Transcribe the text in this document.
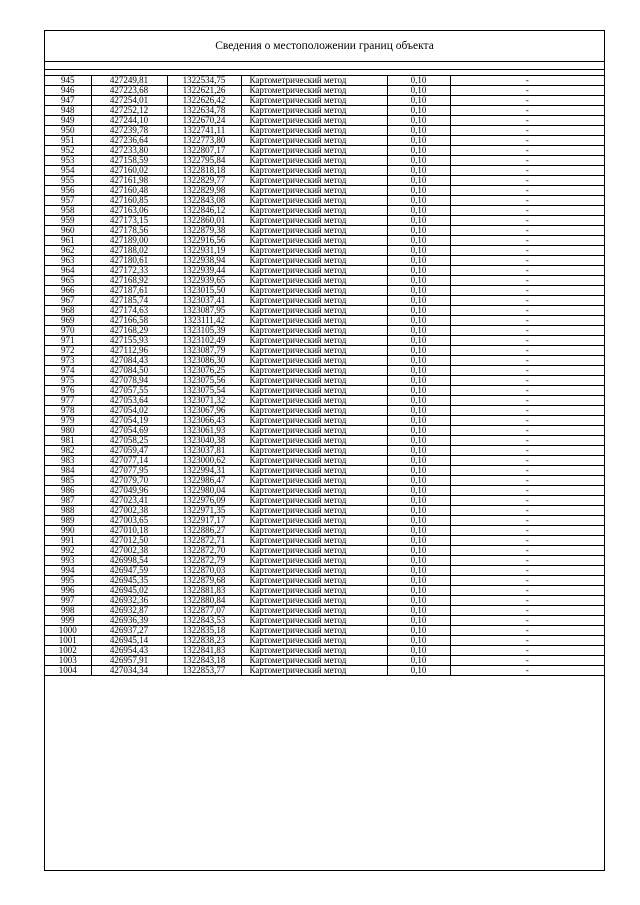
Сведения о местоположении границ объекта
945	427249,81	1322534,75	Картометрический метод	0,10	-
946	427223,68	1322621,26	Картометрический метод	0,10	-
947	427254,01	1322626,42	Картометрический метод	0,10	-
948	427252,12	1322634,78	Картометрический метод	0,10	-
949	427244,10	1322670,24	Картометрический метод	0,10	-
950	427239,78	1322741,11	Картометрический метод	0,10	-
951	427236,64	1322773,80	Картометрический метод	0,10	-
952	427233,80	1322807,17	Картометрический метод	0,10	-
953	427158,59	1322795,84	Картометрический метод	0,10	-
954	427160,02	1322818,18	Картометрический метод	0,10	-
955	427161,98	1322829,77	Картометрический метод	0,10	-
956	427160,48	1322829,98	Картометрический метод	0,10	-
957	427160,85	1322843,08	Картометрический метод	0,10	-
958	427163,06	1322846,12	Картометрический метод	0,10	-
959	427173,15	1322860,01	Картометрический метод	0,10	-
960	427178,56	1322879,38	Картометрический метод	0,10	-
961	427189,00	1322916,56	Картометрический метод	0,10	-
962	427188,02	1322931,19	Картометрический метод	0,10	-
963	427180,61	1322938,94	Картометрический метод	0,10	-
964	427172,33	1322939,44	Картометрический метод	0,10	-
965	427168,92	1322939,65	Картометрический метод	0,10	-
966	427187,61	1323015,50	Картометрический метод	0,10	-
967	427185,74	1323037,41	Картометрический метод	0,10	-
968	427174,63	1323087,95	Картометрический метод	0,10	-
969	427166,58	1323111,42	Картометрический метод	0,10	-
970	427168,29	1323105,39	Картометрический метод	0,10	-
971	427155,93	1323102,49	Картометрический метод	0,10	-
972	427112,96	1323087,79	Картометрический метод	0,10	-
973	427084,43	1323086,30	Картометрический метод	0,10	-
974	427084,50	1323076,25	Картометрический метод	0,10	-
975	427078,94	1323075,56	Картометрический метод	0,10	-
976	427057,55	1323075,54	Картометрический метод	0,10	-
977	427053,64	1323071,32	Картометрический метод	0,10	-
978	427054,02	1323067,96	Картометрический метод	0,10	-
979	427054,19	1323066,43	Картометрический метод	0,10	-
980	427054,69	1323061,93	Картометрический метод	0,10	-
981	427058,25	1323040,38	Картометрический метод	0,10	-
982	427059,47	1323037,81	Картометрический метод	0,10	-
983	427077,14	1323000,62	Картометрический метод	0,10	-
984	427077,95	1322994,31	Картометрический метод	0,10	-
985	427079,70	1322986,47	Картометрический метод	0,10	-
986	427049,96	1322980,04	Картометрический метод	0,10	-
987	427023,41	1322976,09	Картометрический метод	0,10	-
988	427002,38	1322971,35	Картометрический метод	0,10	-
989	427003,65	1322917,17	Картометрический метод	0,10	-
990	427010,18	1322886,27	Картометрический метод	0,10	-
991	427012,50	1322872,71	Картометрический метод	0,10	-
992	427002,38	1322872,70	Картометрический метод	0,10	-
993	426998,54	1322872,79	Картометрический метод	0,10	-
994	426947,59	1322870,03	Картометрический метод	0,10	-
995	426945,35	1322879,68	Картометрический метод	0,10	-
996	426945,02	1322881,83	Картометрический метод	0,10	-
997	426932,36	1322880,84	Картометрический метод	0,10	-
998	426932,87	1322877,07	Картометрический метод	0,10	-
999	426936,39	1322843,53	Картометрический метод	0,10	-
1000	426937,27	1322835,18	Картометрический метод	0,10	-
1001	426945,14	1322838,23	Картометрический метод	0,10	-
1002	426954,43	1322841,83	Картометрический метод	0,10	-
1003	426957,91	1322843,18	Картометрический метод	0,10	-
1004	427034,34	1322853,77	Картометрический метод	0,10	-
